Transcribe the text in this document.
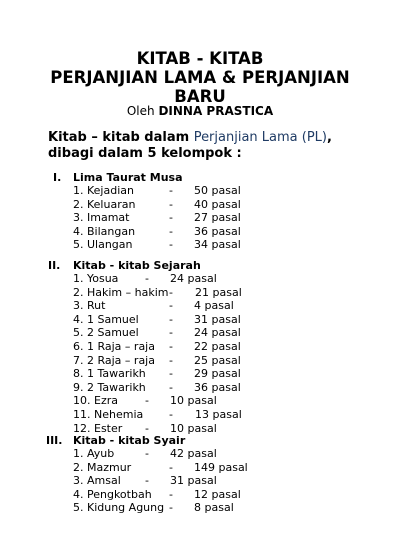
KITAB - KITAB
PERJANJIAN LAMA & PERJANJIAN
BARU
Oleh DINNA PRASTICA
Kitab – kitab dalam Perjanjian Lama (PL),
dibagi dalam 5 kelompok :
I. Lima Taurat Musa
1. Kejadian	- 50 pasal
2. Keluaran	- 40 pasal
3. Imamat	- 27 pasal
4. Bilangan	- 36 pasal
5. Ulangan	- 34 pasal
II. Kitab - kitab Sejarah
1. Yosua - 24 pasal
2. Hakim – hakim - 21 pasal
3. Rut	- 4 pasal
4. 1 Samuel	- 31 pasal
5. 2 Samuel	- 24 pasal
6. 1 Raja – raja - 22 pasal
7. 2 Raja – raja - 25 pasal
8. 1 Tawarikh - 29 pasal
9. 2 Tawarikh - 36 pasal
10. Ezra - 10 pasal
11. Nehemia - 13 pasal
12. Ester - 10 pasal
III. Kitab - kitab Syair
1. Ayub	- 42 pasal
2. Mazmur	- 149 pasal
3. Amsal - 31 pasal
4. Pengkotbah - 12 pasal
5. Kidung Agung - 8 pasal
